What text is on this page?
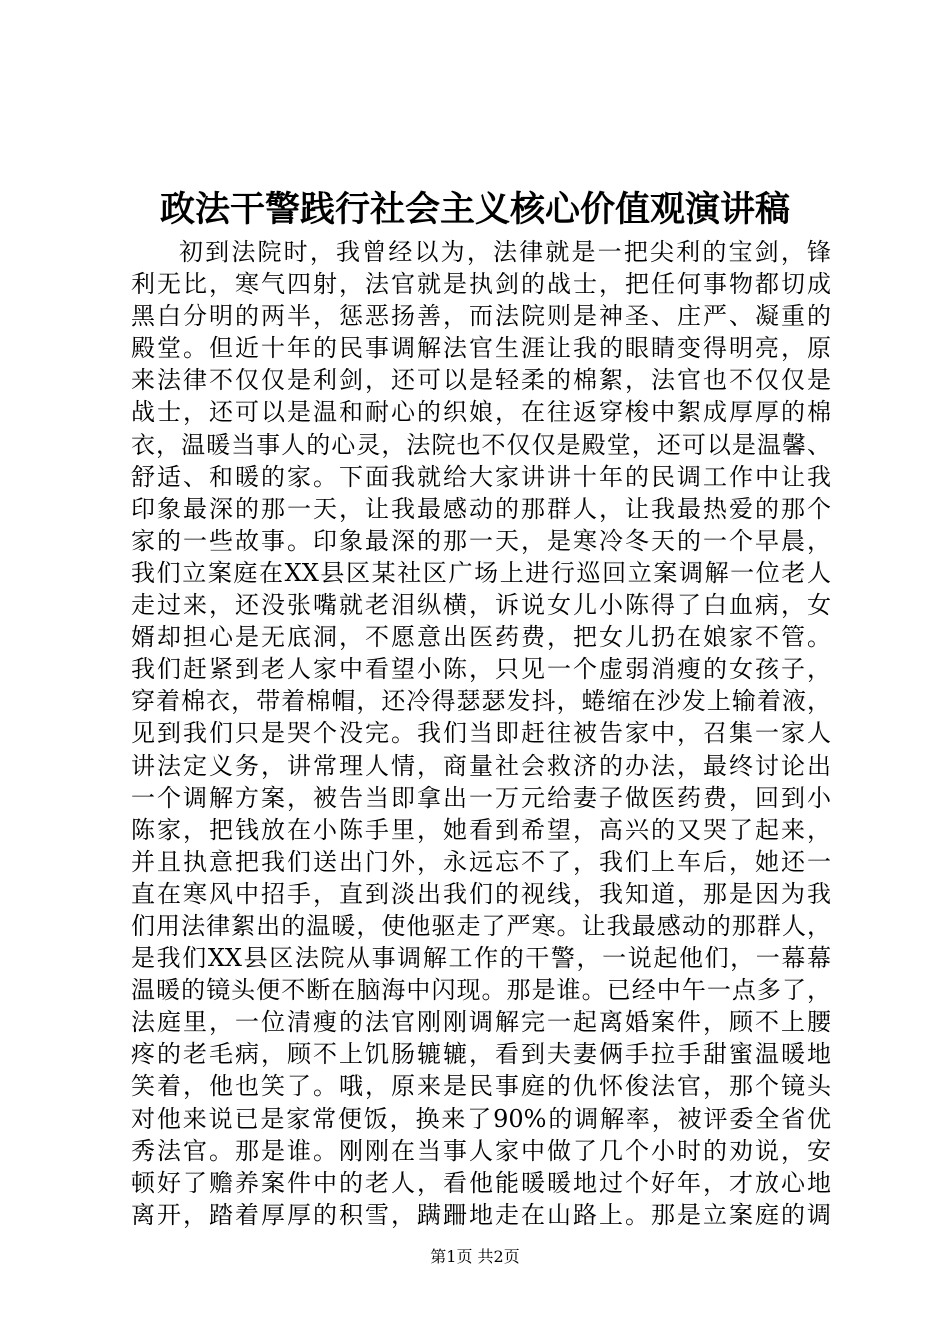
政法干警践行社会主义核心价值观演讲稿
初到法院时，我曾经以为，法律就是一把尖利的宝剑，锋
利无比，寒气四射，法官就是执剑的战士，把任何事物都切成
黑白分明的两半，惩恶扬善，而法院则是神圣、庄严、凝重的
殿堂。但近十年的民事调解法官生涯让我的眼睛变得明亮，原
来法律不仅仅是利剑，还可以是轻柔的棉絮，法官也不仅仅是
战士，还可以是温和耐心的织娘，在往返穿梭中絮成厚厚的棉
衣，温暖当事人的心灵，法院也不仅仅是殿堂，还可以是温馨、
舒适、和暖的家。下面我就给大家讲讲十年的民调工作中让我
印象最深的那一天，让我最感动的那群人，让我最热爱的那个
家的一些故事。印象最深的那一天，是寒冷冬天的一个早晨，
我们立案庭在XX县区某社区广场上进行巡回立案调解一位老人
走过来，还没张嘴就老泪纵横，诉说女儿小陈得了白血病，女
婿却担心是无底洞，不愿意出医药费，把女儿扔在娘家不管。
我们赶紧到老人家中看望小陈，只见一个虚弱消瘦的女孩子，
穿着棉衣，带着棉帽，还冷得瑟瑟发抖，蜷缩在沙发上输着液，
见到我们只是哭个没完。我们当即赶往被告家中，召集一家人
讲法定义务，讲常理人情，商量社会救济的办法，最终讨论出
一个调解方案，被告当即拿出一万元给妻子做医药费，回到小
陈家，把钱放在小陈手里，她看到希望，高兴的又哭了起来，
并且执意把我们送出门外，永远忘不了，我们上车后，她还一
直在寒风中招手，直到淡出我们的视线，我知道，那是因为我
们用法律絮出的温暖，使他驱走了严寒。让我最感动的那群人，
是我们XX县区法院从事调解工作的干警，一说起他们，一幕幕
温暖的镜头便不断在脑海中闪现。那是谁。已经中午一点多了，
法庭里，一位清瘦的法官刚刚调解完一起离婚案件，顾不上腰
疼的老毛病，顾不上饥肠辘辘，看到夫妻俩手拉手甜蜜温暖地
笑着，他也笑了。哦，原来是民事庭的仇怀俊法官，那个镜头
对他来说已是家常便饭，换来了90%的调解率，被评委全省优
秀法官。那是谁。刚刚在当事人家中做了几个小时的劝说，安
顿好了赡养案件中的老人，看他能暖暖地过个好年，才放心地
离开，踏着厚厚的积雪，蹒跚地走在山路上。那是立案庭的调
第1页 共2页
